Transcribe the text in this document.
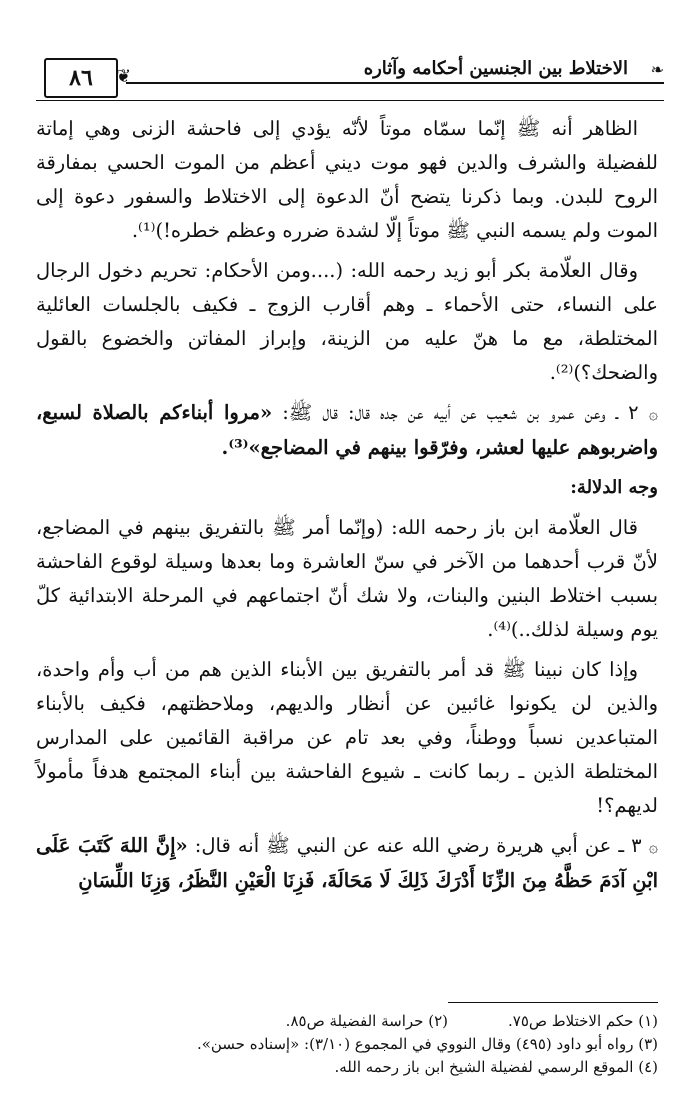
٨٦	❦	❧
الاختلاط بين الجنسين أحكامه وآثاره

الظاهر أنه ﷺ إنّما سمّاه موتاً لأنّه يؤدي إلى فاحشة الزنى وهي إماتة للفضيلة والشرف والدين فهو موت ديني أعظم من الموت الحسي بمفارقة الروح للبدن. وبما ذكرنا يتضح أنّ الدعوة إلى الاختلاط والسفور دعوة إلى الموت ولم يسمه النبي ﷺ موتاً إلّا لشدة ضرره وعظم خطره!)⁽¹⁾.

وقال العلّامة بكر أبو زيد رحمه الله: (....ومن الأحكام: تحريم دخول الرجال على النساء، حتى الأحماء ـ وهم أقارب الزوج ـ فكيف بالجلسات العائلية المختلطة، مع ما هنّ عليه من الزينة، وإبراز المفاتن والخضوع بالقول والضحك؟)⁽²⁾.

۞ ٢ ـ وعن عمرو بن شعيب عن أبيه عن جده قال: قال ﷺ: «مروا أبناءكم بالصلاة لسبع، واضربوهم عليها لعشر، وفرّقوا بينهم في المضاجع»⁽³⁾.

وجه الدلالة:

قال العلّامة ابن باز رحمه الله: (وإنّما أمر ﷺ بالتفريق بينهم في المضاجع، لأنّ قرب أحدهما من الآخر في سنّ العاشرة وما بعدها وسيلة لوقوع الفاحشة بسبب اختلاط البنين والبنات، ولا شك أنّ اجتماعهم في المرحلة الابتدائية كلّ يوم وسيلة لذلك..)⁽⁴⁾.

وإذا كان نبينا ﷺ قد أمر بالتفريق بين الأبناء الذين هم من أب وأم واحدة، والذين لن يكونوا غائبين عن أنظار والديهم، وملاحظتهم، فكيف بالأبناء المتباعدين نسباً ووطناً، وفي بعد تام عن مراقبة القائمين على المدارس المختلطة الذين ـ ربما كانت ـ شيوع الفاحشة بين أبناء المجتمع هدفاً مأمولاً لديهم؟!

۞ ٣ ـ عن أبي هريرة رضي الله عنه عن النبي ﷺ أنه قال: «إِنَّ اللهَ كَتَبَ عَلَى ابْنِ آدَمَ حَظَّهُ مِنَ الزِّنَا أَدْرَكَ ذَلِكَ لَا مَحَالَةَ، فَزِنَا الْعَيْنِ النَّظَرُ، وَزِنَا اللِّسَانِ

(١) حكم الاختلاط ص٧٥.
(٢) حراسة الفضيلة ص٨٥.
(٣) رواه أبو داود (٤٩٥) وقال النووي في المجموع (٣/١٠): «إسناده حسن».
(٤) الموقع الرسمي لفضيلة الشيخ ابن باز رحمه الله.
